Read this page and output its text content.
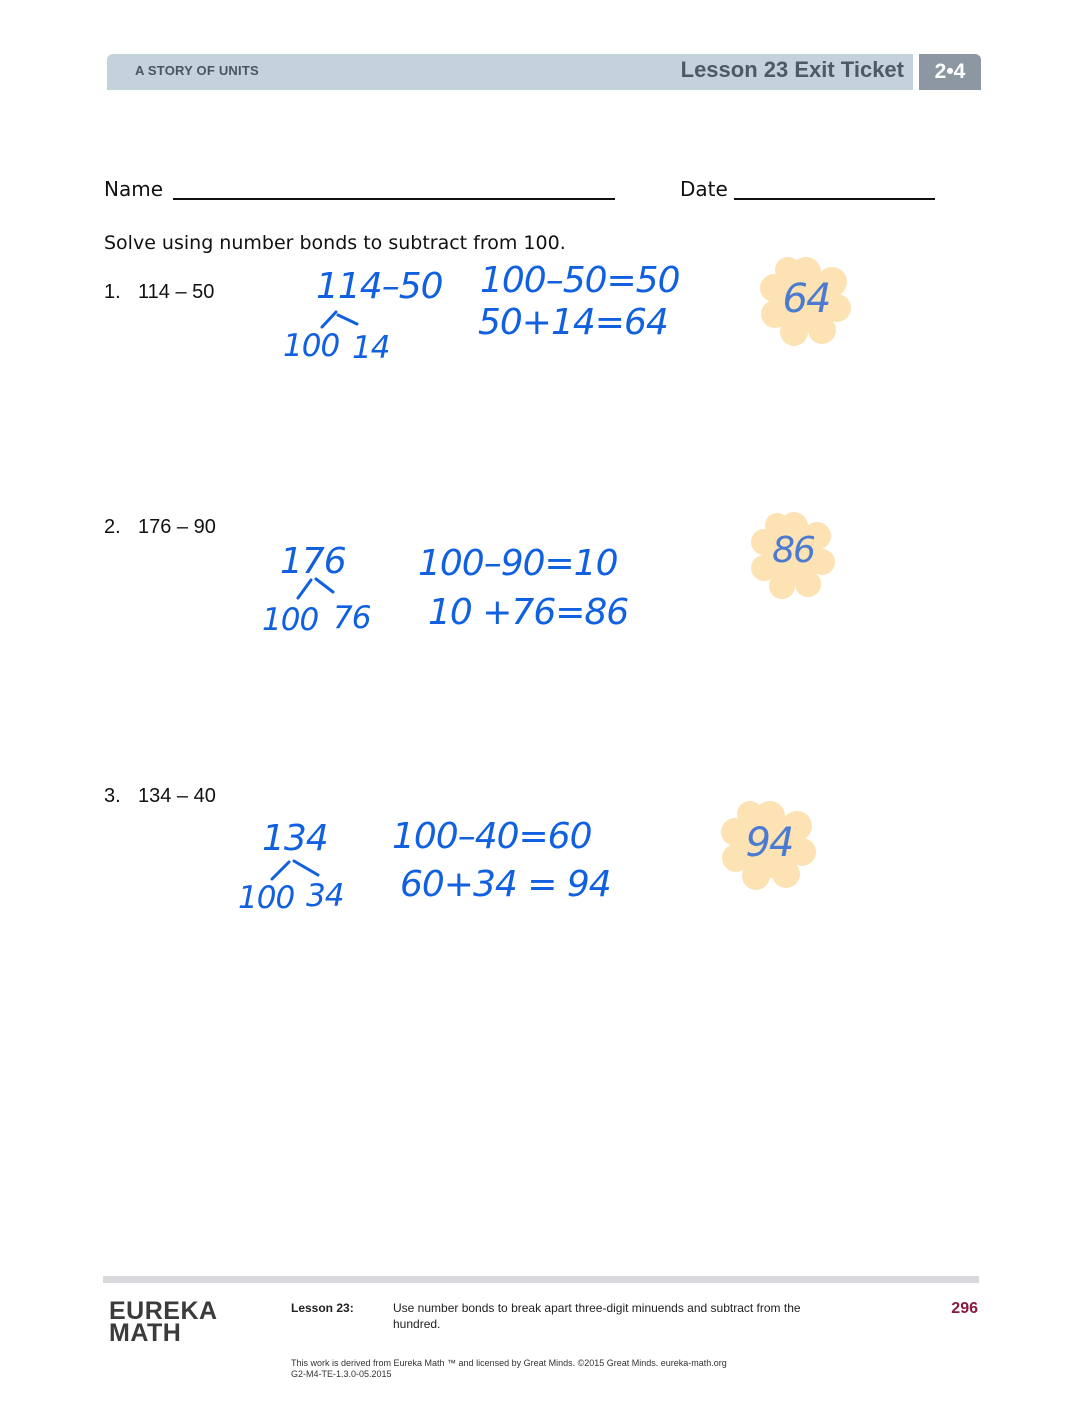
A STORY OF UNITS	Lesson 23 Exit Ticket	2•4
Name	Date
Solve using number bonds to subtract from 100.
1. 114 – 50
2. 176 – 90
3. 134 – 40
114–50
100 14
100–50=50
50+14=64
176
100 76
100–90=10
10 +76=86
134
100 34
100–40=60
60+34 = 94
64
86
94
EUREKA
MATH
Lesson 23:	Use number bonds to break apart three-digit minuends and subtract from the hundred.
296
This work is derived from Eureka Math ™ and licensed by Great Minds. ©2015 Great Minds. eureka-math.org
G2-M4-TE-1.3.0-05.2015
